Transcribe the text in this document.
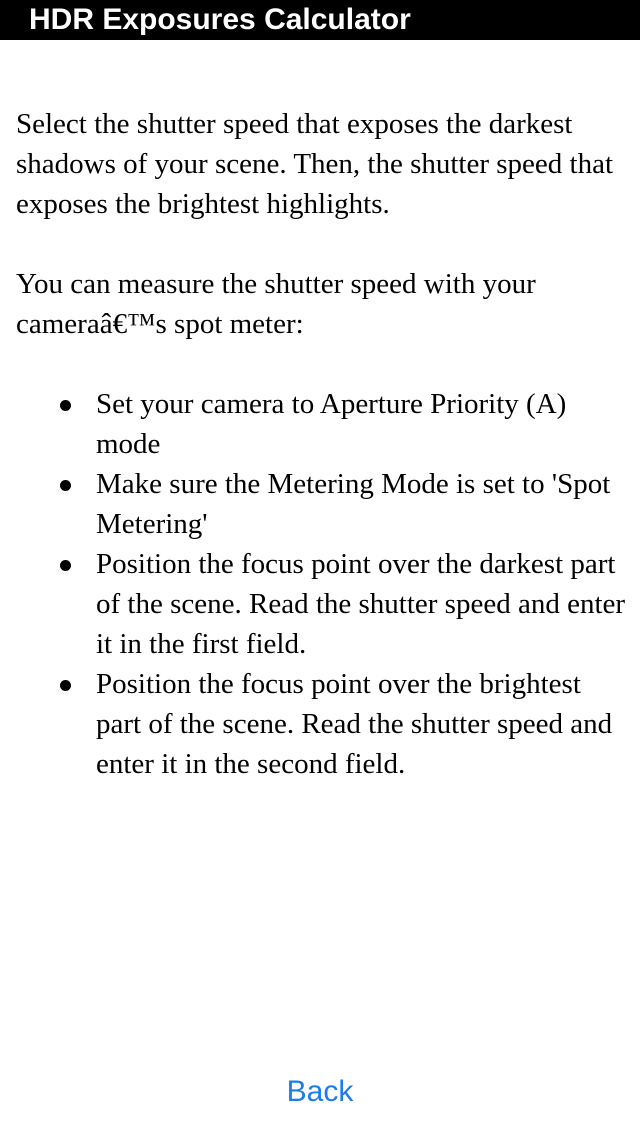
HDR Exposures Calculator

Select the shutter speed that exposes the darkest shadows of your scene. Then, the shutter speed that exposes the brightest highlights.

You can measure the shutter speed with your cameraâ€™s spot meter:

Set your camera to Aperture Priority (A) mode
Make sure the Metering Mode is set to 'Spot Metering'
Position the focus point over the darkest part of the scene. Read the shutter speed and enter it in the first field.
Position the focus point over the brightest part of the scene. Read the shutter speed and enter it in the second field.
Back
